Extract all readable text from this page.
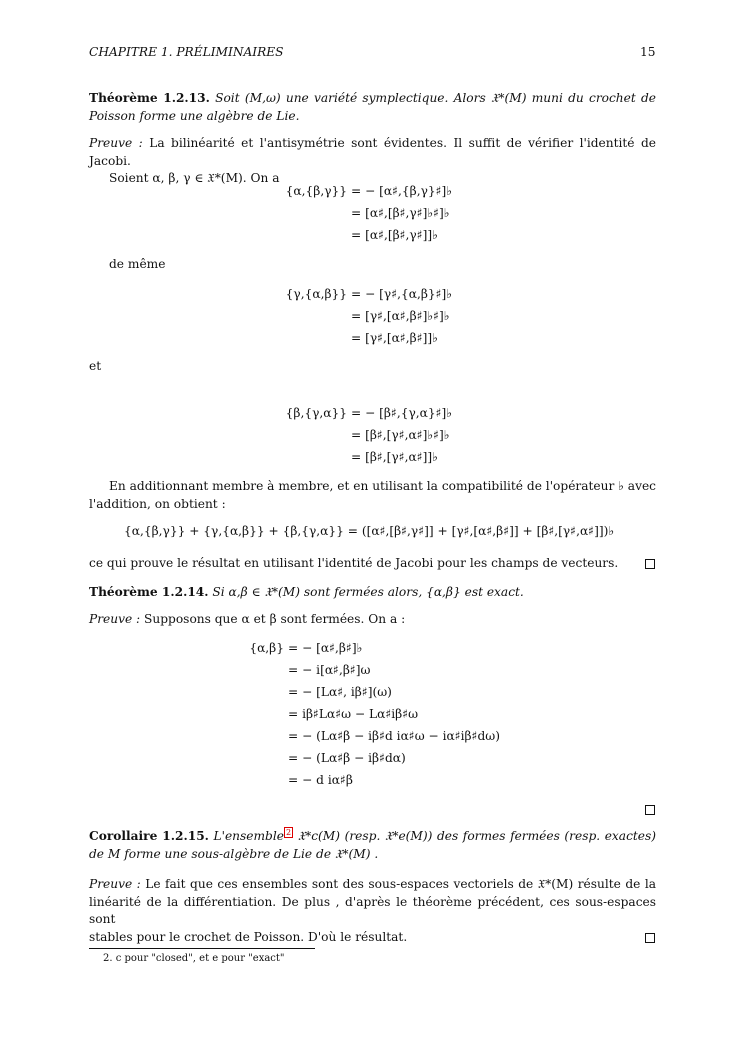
CHAPITRE 1. PRÉLIMINAIRES	15
Théorème 1.2.13. Soit (M,ω) une variété symplectique. Alors 𝔛*(M) muni du crochet de
Poisson forme une algèbre de Lie.
Preuve : La bilinéarité et l'antisymétrie sont évidentes. Il suffit de vérifier l'identité de Jacobi.
Soient α, β, γ ∈ 𝔛*(M). On a
{α,{β,γ}} = − [α♯,{β,γ}♯]♭
= [α♯,[β♯,γ♯]♭♯]♭
= [α♯,[β♯,γ♯]]♭
de même
{γ,{α,β}} = − [γ♯,{α,β}♯]♭
= [γ♯,[α♯,β♯]♭♯]♭
= [γ♯,[α♯,β♯]]♭
et
{β,{γ,α}} = − [β♯,{γ,α}♯]♭
= [β♯,[γ♯,α♯]♭♯]♭
= [β♯,[γ♯,α♯]]♭
En additionnant membre à membre, et en utilisant la compatibilité de l'opérateur ♭ avec
l'addition, on obtient :
{α,{β,γ}} + {γ,{α,β}} + {β,{γ,α}} = ([α♯,[β♯,γ♯]] + [γ♯,[α♯,β♯]] + [β♯,[γ♯,α♯]])♭
ce qui prouve le résultat en utilisant l'identité de Jacobi pour les champs de vecteurs.
Théorème 1.2.14. Si α,β ∈ 𝔛*(M) sont fermées alors, {α,β} est exact.
Preuve : Supposons que α et β sont fermées. On a :
{α,β} = − [α♯,β♯]♭
= − i[α♯,β♯]ω
= − [Lα♯, iβ♯](ω)
= iβ♯Lα♯ω − Lα♯iβ♯ω
= − (Lα♯β − iβ♯d iα♯ω − iα♯iβ♯dω)
= − (Lα♯β − iβ♯dα)
= − d iα♯β
Corollaire 1.2.15. L'ensemble $^2$ 𝔛*c(M) (resp. 𝔛*e(M)) des formes fermées (resp. exactes)
de M forme une sous-algèbre de Lie de 𝔛*(M) .
Preuve : Le fait que ces ensembles sont des sous-espaces vectoriels de 𝔛*(M) résulte de la
linéarité de la différentiation. De plus , d'après le théorème précédent, ces sous-espaces sont
stables pour le crochet de Poisson. D'où le résultat.
2. c pour "closed", et e pour "exact"
